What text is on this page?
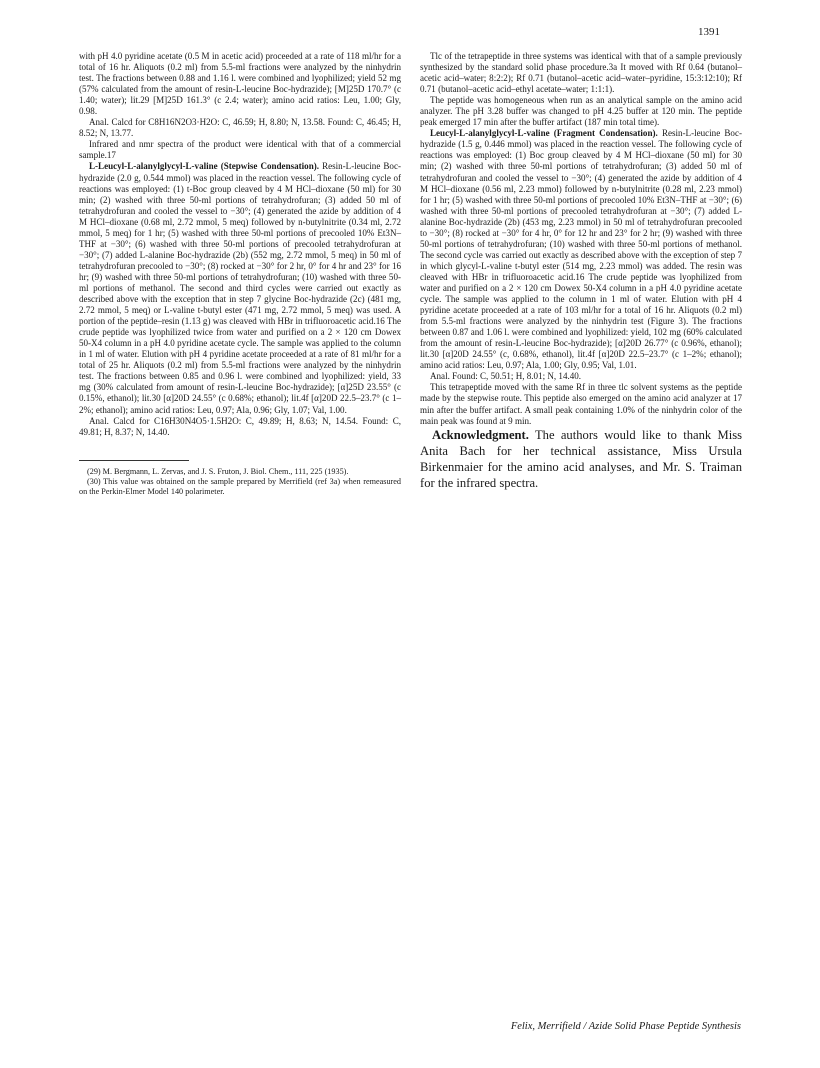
1391

with pH 4.0 pyridine acetate (0.5 M in acetic acid) proceeded at a rate of 118 ml/hr for a total of 16 hr. Aliquots (0.2 ml) from 5.5-ml fractions were analyzed by the ninhydrin test. The fractions between 0.88 and 1.16 l. were combined and lyophilized; yield 52 mg (57% calculated from the amount of resin-L-leucine Boc-hydrazide); [M]25D 170.7° (c 1.40; water); lit.29 [M]25D 161.3° (c 2.4; water); amino acid ratios: Leu, 1.00; Gly, 0.98.

Anal. Calcd for C8H16N2O3·H2O: C, 46.59; H, 8.80; N, 13.58. Found: C, 46.45; H, 8.52; N, 13.77.

Infrared and nmr spectra of the product were identical with that of a commercial sample.17

L-Leucyl-L-alanylglycyl-L-valine (Stepwise Condensation). Resin-L-leucine Boc-hydrazide (2.0 g, 0.544 mmol) was placed in the reaction vessel. The following cycle of reactions was employed: (1) t-Boc group cleaved by 4 M HCl–dioxane (50 ml) for 30 min; (2) washed with three 50-ml portions of tetrahydrofuran; (3) added 50 ml of tetrahydrofuran and cooled the vessel to −30°; (4) generated the azide by addition of 4 M HCl–dioxane (0.68 ml, 2.72 mmol, 5 meq) followed by n-butylnitrite (0.34 ml, 2.72 mmol, 5 meq) for 1 hr; (5) washed with three 50-ml portions of precooled 10% Et3N–THF at −30°; (6) washed with three 50-ml portions of precooled tetrahydrofuran at −30°; (7) added L-alanine Boc-hydrazide (2b) (552 mg, 2.72 mmol, 5 meq) in 50 ml of tetrahydrofuran precooled to −30°; (8) rocked at −30° for 2 hr, 0° for 4 hr and 23° for 16 hr; (9) washed with three 50-ml portions of tetrahydrofuran; (10) washed with three 50-ml portions of methanol. The second and third cycles were carried out exactly as described above with the exception that in step 7 glycine Boc-hydrazide (2c) (481 mg, 2.72 mmol, 5 meq) or L-valine t-butyl ester (471 mg, 2.72 mmol, 5 meq) was used. A portion of the peptide–resin (1.13 g) was cleaved with HBr in trifluoroacetic acid.16 The crude peptide was lyophilized twice from water and purified on a 2 × 120 cm Dowex 50-X4 column in a pH 4.0 pyridine acetate cycle. The sample was applied to the column in 1 ml of water. Elution with pH 4 pyridine acetate proceeded at a rate of 81 ml/hr for a total of 25 hr. Aliquots (0.2 ml) from 5.5-ml fractions were analyzed by the ninhydrin test. The fractions between 0.85 and 0.96 l. were combined and lyophilized: yield, 33 mg (30% calculated from amount of resin-L-leucine Boc-hydrazide); [α]25D 23.55° (c 0.15%, ethanol); lit.30 [α]20D 24.55° (c 0.68%; ethanol); lit.4f [α]20D 22.5–23.7° (c 1–2%; ethanol); amino acid ratios: Leu, 0.97; Ala, 0.96; Gly, 1.07; Val, 1.00.

Anal. Calcd for C16H30N4O5·1.5H2O: C, 49.89; H, 8.63; N, 14.54. Found: C, 49.81; H, 8.37; N, 14.40.

(29) M. Bergmann, L. Zervas, and J. S. Fruton, J. Biol. Chem., 111, 225 (1935).

(30) This value was obtained on the sample prepared by Merrifield (ref 3a) when remeasured on the Perkin-Elmer Model 140 polarimeter.

Tlc of the tetrapeptide in three systems was identical with that of a sample previously synthesized by the standard solid phase procedure.3a It moved with Rf 0.64 (butanol–acetic acid–water; 8:2:2); Rf 0.71 (butanol–acetic acid–water–pyridine, 15:3:12:10); Rf 0.71 (butanol–acetic acid–ethyl acetate–water; 1:1:1).

The peptide was homogeneous when run as an analytical sample on the amino acid analyzer. The pH 3.28 buffer was changed to pH 4.25 buffer at 120 min. The peptide peak emerged 17 min after the buffer artifact (187 min total time).

Leucyl-L-alanylglycyl-L-valine (Fragment Condensation). Resin-L-leucine Boc-hydrazide (1.5 g, 0.446 mmol) was placed in the reaction vessel. The following cycle of reactions was employed: (1) Boc group cleaved by 4 M HCl–dioxane (50 ml) for 30 min; (2) washed with three 50-ml portions of tetrahydrofuran; (3) added 50 ml of tetrahydrofuran and cooled the vessel to −30°; (4) generated the azide by addition of 4 M HCl–dioxane (0.56 ml, 2.23 mmol) followed by n-butylnitrite (0.28 ml, 2.23 mmol) for 1 hr; (5) washed with three 50-ml portions of precooled 10% Et3N–THF at −30°; (6) washed with three 50-ml portions of precooled tetrahydrofuran at −30°; (7) added L-alanine Boc-hydrazide (2b) (453 mg, 2.23 mmol) in 50 ml of tetrahydrofuran precooled to −30°; (8) rocked at −30° for 4 hr, 0° for 12 hr and 23° for 2 hr; (9) washed with three 50-ml portions of tetrahydrofuran; (10) washed with three 50-ml portions of methanol. The second cycle was carried out exactly as described above with the exception of step 7 in which glycyl-L-valine t-butyl ester (514 mg, 2.23 mmol) was added. The resin was cleaved with HBr in trifluoroacetic acid.16 The crude peptide was lyophilized from water and purified on a 2 × 120 cm Dowex 50-X4 column in a pH 4.0 pyridine acetate cycle. The sample was applied to the column in 1 ml of water. Elution with pH 4 pyridine acetate proceeded at a rate of 103 ml/hr for a total of 16 hr. Aliquots (0.2 ml) from 5.5-ml fractions were analyzed by the ninhydrin test (Figure 3). The fractions between 0.87 and 1.06 l. were combined and lyophilized: yield, 102 mg (60% calculated from the amount of resin-L-leucine Boc-hydrazide); [α]20D 26.77° (c 0.96%, ethanol); lit.30 [α]20D 24.55° (c, 0.68%, ethanol), lit.4f [α]20D 22.5–23.7° (c 1–2%; ethanol); amino acid ratios: Leu, 0.97; Ala, 1.00; Gly, 0.95; Val, 1.01.

Anal. Found: C, 50.51; H, 8.01; N, 14.40.

This tetrapeptide moved with the same Rf in three tlc solvent systems as the peptide made by the stepwise route. This peptide also emerged on the amino acid analyzer at 17 min after the buffer artifact. A small peak containing 1.0% of the ninhydrin color of the main peak was found at 9 min.

Acknowledgment. The authors would like to thank Miss Anita Bach for her technical assistance, Miss Ursula Birkenmaier for the amino acid analyses, and Mr. S. Traiman for the infrared spectra.

Felix, Merrifield / Azide Solid Phase Peptide Synthesis
